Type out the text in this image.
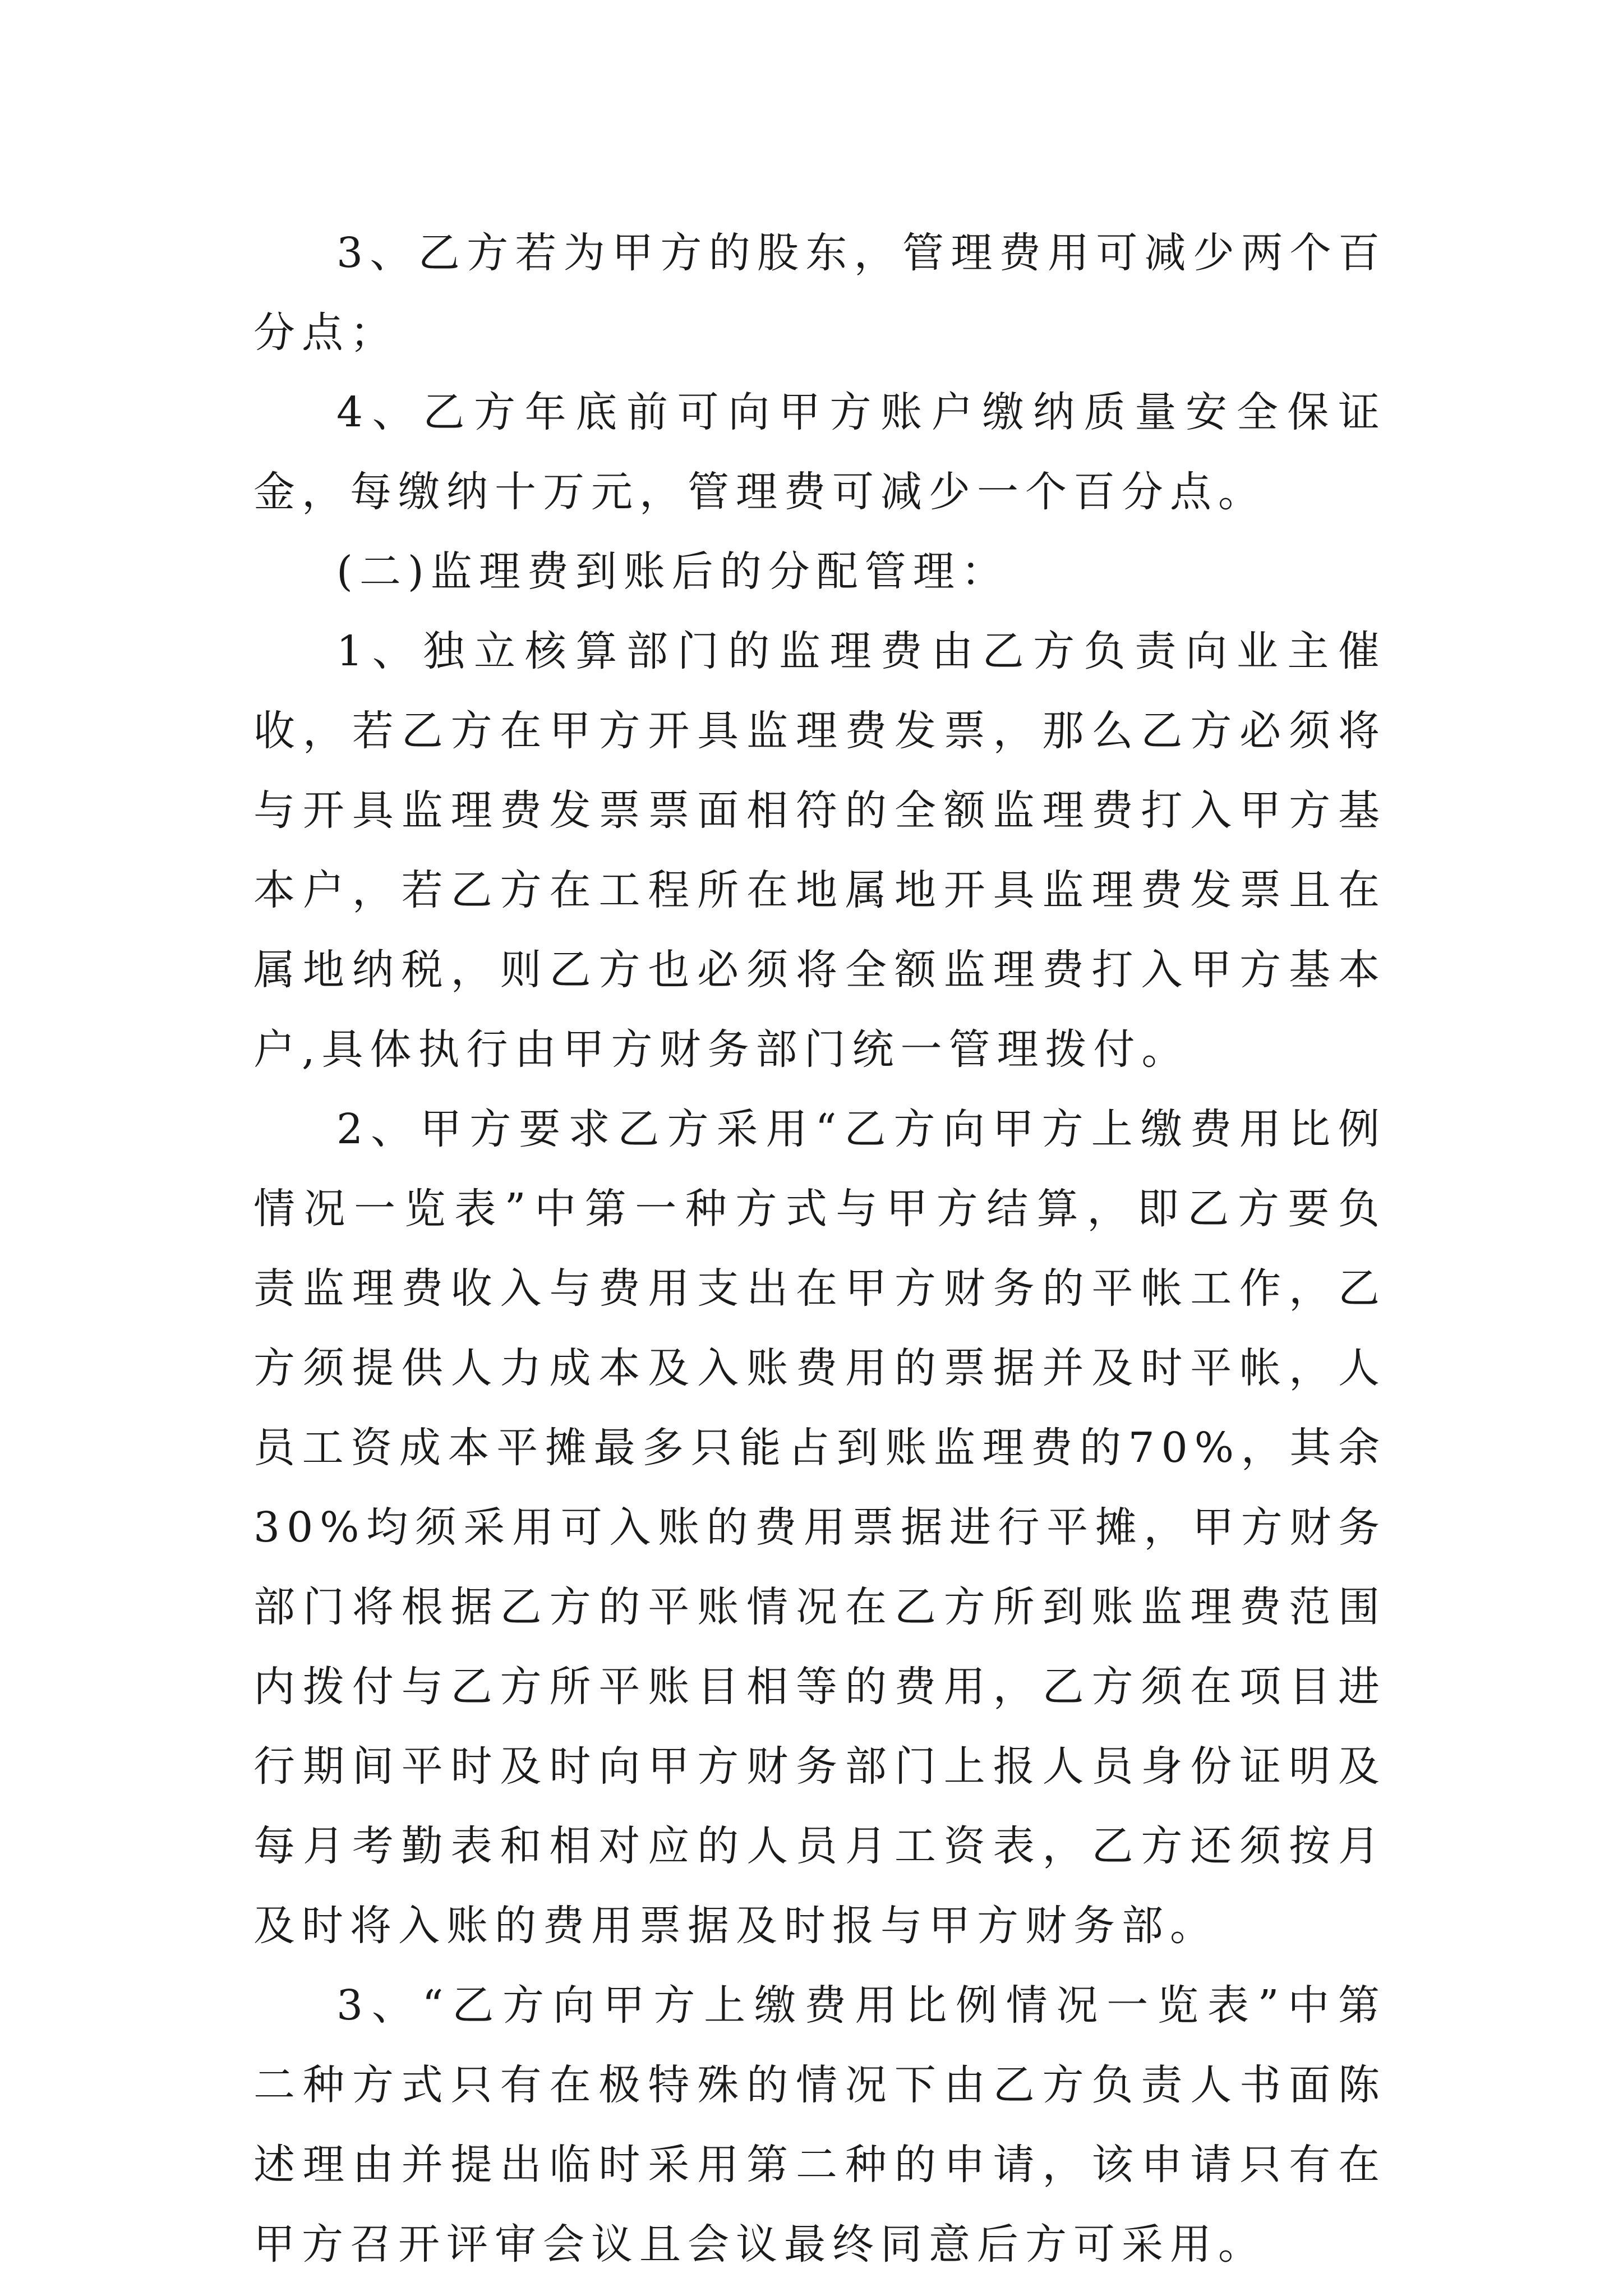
3、乙方若为甲方的股东，管理费用可减少两个百分点；

4、乙方年底前可向甲方账户缴纳质量安全保证金，每缴纳十万元，管理费可减少一个百分点。

(二)监理费到账后的分配管理：

1、独立核算部门的监理费由乙方负责向业主催收，若乙方在甲方开具监理费发票，那么乙方必须将与开具监理费发票票面相符的全额监理费打入甲方基本户，若乙方在工程所在地属地开具监理费发票且在属地纳税，则乙方也必须将全额监理费打入甲方基本户,具体执行由甲方财务部门统一管理拨付。

2、甲方要求乙方采用“乙方向甲方上缴费用比例情况一览表”中第一种方式与甲方结算，即乙方要负责监理费收入与费用支出在甲方财务的平帐工作，乙方须提供人力成本及入账费用的票据并及时平帐，人员工资成本平摊最多只能占到账监理费的70%，其余30%均须采用可入账的费用票据进行平摊，甲方财务部门将根据乙方的平账情况在乙方所到账监理费范围内拨付与乙方所平账目相等的费用，乙方须在项目进行期间平时及时向甲方财务部门上报人员身份证明及每月考勤表和相对应的人员月工资表，乙方还须按月及时将入账的费用票据及时报与甲方财务部。

3、“乙方向甲方上缴费用比例情况一览表”中第二种方式只有在极特殊的情况下由乙方负责人书面陈述理由并提出临时采用第二种的申请，该申请只有在甲方召开评审会议且会议最终同意后方可采用。
